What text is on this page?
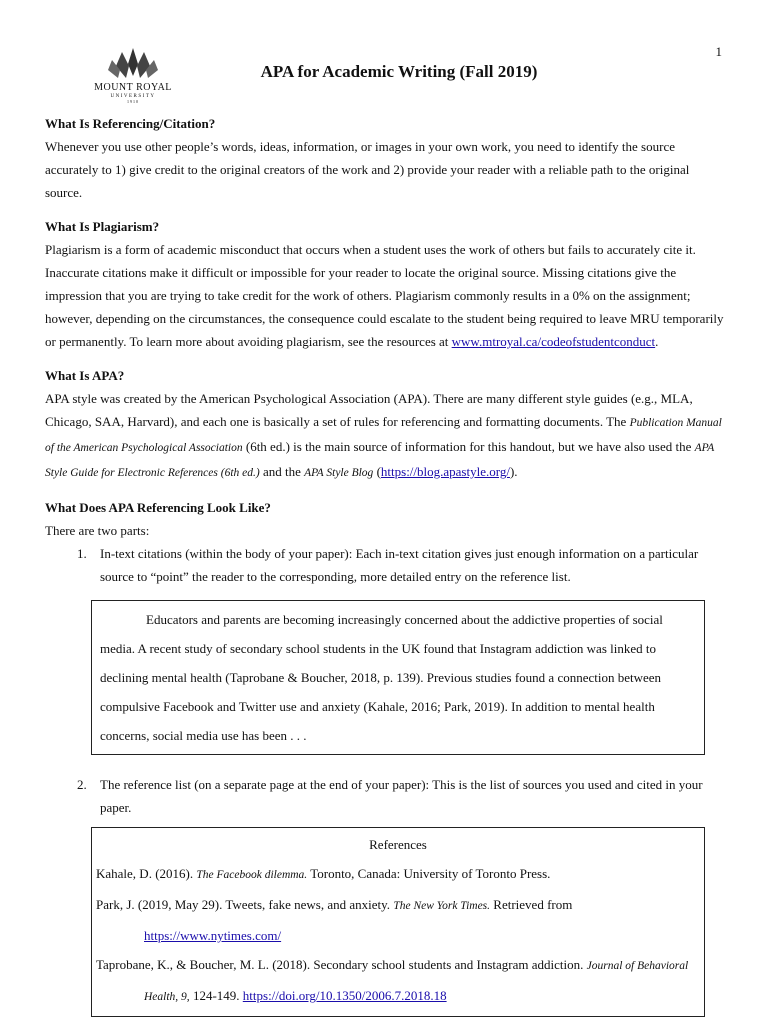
1
MOUNT ROYAL
UNIVERSITY
1910
APA for Academic Writing (Fall 2019)
What Is Referencing/Citation?

Whenever you use other people’s words, ideas, information, or images in your own work, you need to identify the source accurately to 1) give credit to the original creators of the work and 2) provide your reader with a reliable path to the original source.

What Is Plagiarism?

Plagiarism is a form of academic misconduct that occurs when a student uses the work of others but fails to accurately cite it. Inaccurate citations make it difficult or impossible for your reader to locate the original source. Missing citations give the impression that you are trying to take credit for the work of others. Plagiarism commonly results in a 0% on the assignment; however, depending on the circumstances, the consequence could escalate to the student being required to leave MRU temporarily or permanently. To learn more about avoiding plagiarism, see the resources at www.mtroyal.ca/codeofstudentconduct.

What Is APA?

APA style was created by the American Psychological Association (APA). There are many different style guides (e.g., MLA, Chicago, SAA, Harvard), and each one is basically a set of rules for referencing and formatting documents. The Publication Manual of the American Psychological Association (6th ed.) is the main source of information for this handout, but we have also used the APA Style Guide for Electronic References (6th ed.) and the APA Style Blog (https://blog.apastyle.org/).

What Does APA Referencing Look Like?

There are two parts:

1. In-text citations (within the body of your paper): Each in-text citation gives just enough information on a particular source to “point” the reader to the corresponding, more detailed entry on the reference list.

Educators and parents are becoming increasingly concerned about the addictive properties of social media. A recent study of secondary school students in the UK found that Instagram addiction was linked to declining mental health (Taprobane & Boucher, 2018, p. 139). Previous studies found a connection between compulsive Facebook and Twitter use and anxiety (Kahale, 2016; Park, 2019). In addition to mental health concerns, social media use has been . . .

2. The reference list (on a separate page at the end of your paper): This is the list of sources you used and cited in your paper.
References
Kahale, D. (2016). The Facebook dilemma. Toronto, Canada: University of Toronto Press.
Park, J. (2019, May 29). Tweets, fake news, and anxiety. The New York Times. Retrieved from https://www.nytimes.com/
Taprobane, K., & Boucher, M. L. (2018). Secondary school students and Instagram addiction. Journal of Behavioral Health, 9, 124-149. https://doi.org/10.1350/2006.7.2018.18
